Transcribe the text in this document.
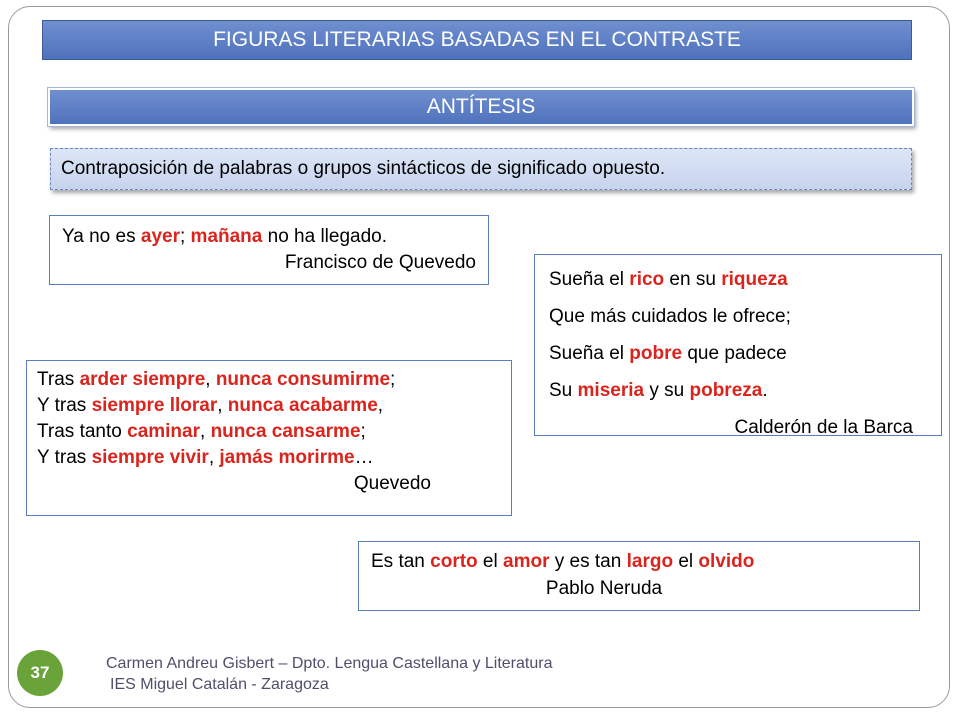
FIGURAS LITERARIAS BASADAS EN EL CONTRASTE
ANTÍTESIS
Contraposición de palabras o grupos sintácticos de significado opuesto.
Ya no es ayer; mañana no ha llegado.
Francisco de Quevedo
Sueña el rico en su riqueza
Que más cuidados le ofrece;
Sueña el pobre que padece
Su miseria y su pobreza.
Calderón de la Barca
Tras arder siempre, nunca consumirme;
Y tras siempre llorar, nunca acabarme,
Tras tanto caminar, nunca cansarme;
Y tras siempre vivir, jamás morirme…
Quevedo
Es tan corto el amor y es tan largo el olvido
Pablo Neruda
37	Carmen Andreu Gisbert – Dpto. Lengua Castellana y Literatura
IES Miguel Catalán - Zaragoza
